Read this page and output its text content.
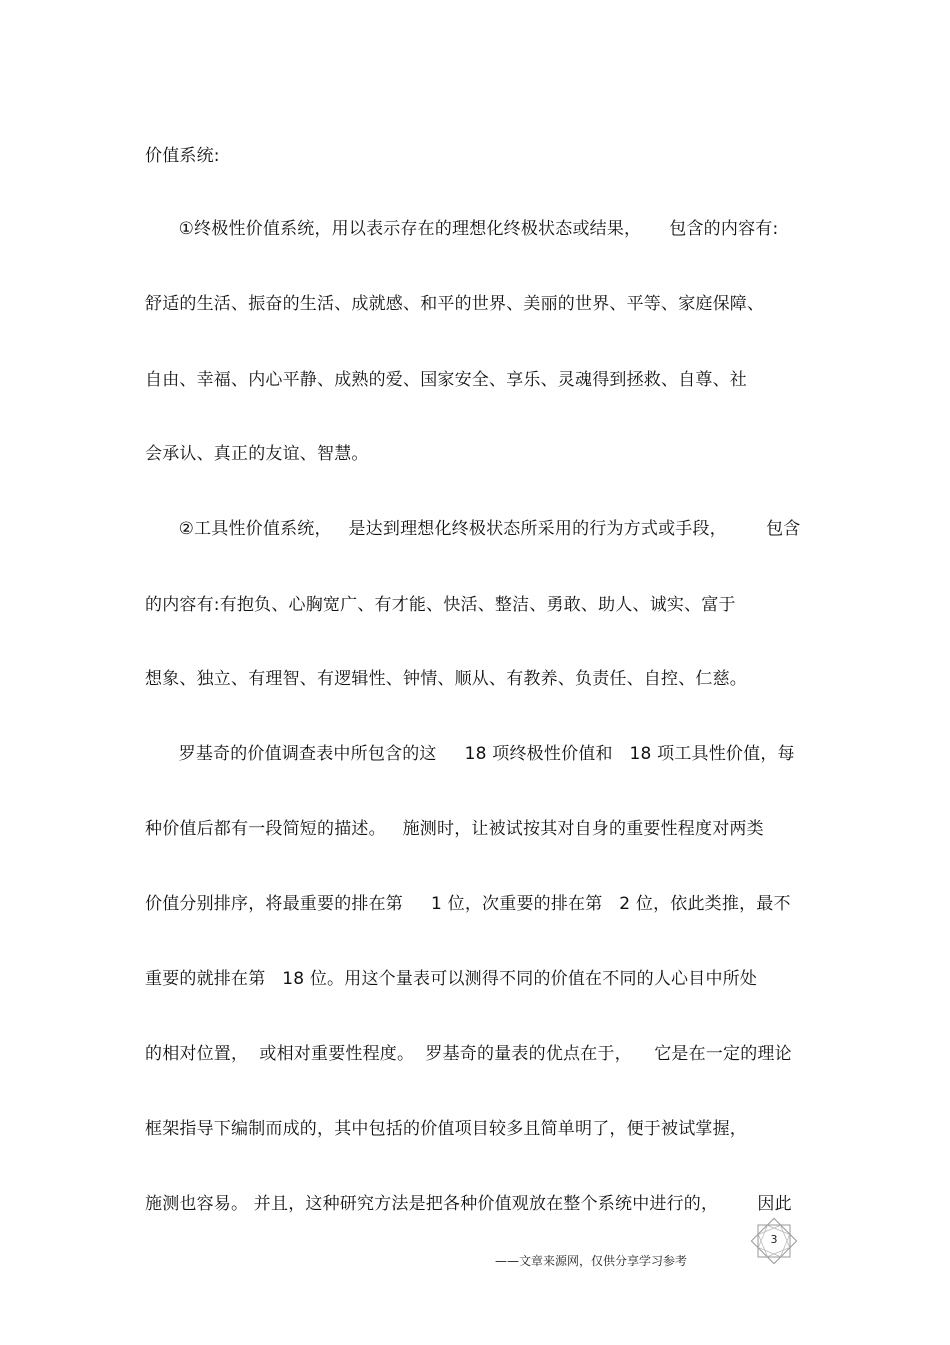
价值系统:
①终极性价值系统，用以表示存在的理想化终极状态或结果，     包含的内容有:
舒适的生活、振奋的生活、成就感、和平的世界、美丽的世界、平等、家庭保障、
自由、幸福、内心平静、成熟的爱、国家安全、享乐、灵魂得到拯救、自尊、社
会承认、真正的友谊、智慧。
②工具性价值系统，   是达到理想化终极状态所采用的行为方式或手段，       包含
的内容有:有抱负、心胸宽广、有才能、快活、整洁、勇敢、助人、诚实、富于
想象、独立、有理智、有逻辑性、钟情、顺从、有教养、负责任、自控、仁慈。
罗基奇的价值调查表中所包含的这     18 项终极性价值和   18 项工具性价值，每
种价值后都有一段简短的描述。   施测时，让被试按其对自身的重要性程度对两类
价值分别排序，将最重要的排在第     1 位，次重要的排在第   2 位，依此类推，最不
重要的就排在第   18 位。用这个量表可以测得不同的价值在不同的人心目中所处
的相对位置，  或相对重要性程度。  罗基奇的量表的优点在于，    它是在一定的理论
框架指导下编制而成的，其中包括的价值项目较多且简单明了，便于被试掌握，
施测也容易。 并且，这种研究方法是把各种价值观放在整个系统中进行的，       因此
——文章来源网，仅供分享学习参考
3
